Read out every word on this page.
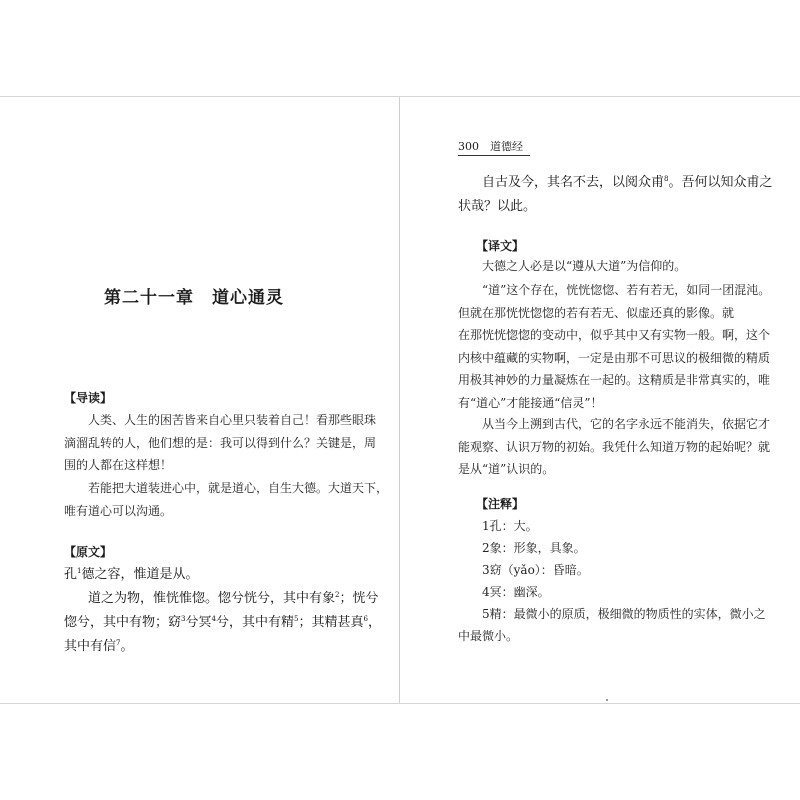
第二十一章　道心通灵
【导读】

人类、人生的困苦皆来自心里只装着自己！看那些眼珠
滴溜乱转的人，他们想的是：我可以得到什么？关键是，周
围的人都在这样想！

若能把大道装进心中，就是道心，自生大德。大道天下，
唯有道心可以沟通。

【原文】

孔$^1$德之容，惟道是从。
道之为物，惟恍惟惚。惚兮恍兮，其中有象$^2$；恍兮
惚兮，其中有物；窈$^3$兮冥$^4$兮，其中有精$^5$；其精甚真$^6$，
其中有信$^7$。

300　道德经

自古及今，其名不去，以阅众甫$^8$。吾何以知众甫之
状哉？以此。

【译文】

大德之人必是以“遵从大道”为信仰的。

“道”这个存在，恍恍惚惚、若有若无，如同一团混沌。
但就在那恍恍惚惚的若有若无、似虚还真的影像。就
在那恍恍惚惚的变动中，似乎其中又有实物一般。啊，这个
内核中蕴藏的实物啊，一定是由那不可思议的极细微的精质
用极其神妙的力量凝炼在一起的。这精质是非常真实的，唯
有“道心”才能接通“信灵”！

从当今上溯到古代，它的名字永远不能消失，依据它才
能观察、认识万物的初始。我凭什么知道万物的起始呢？就
是从“道”认识的。

【注释】

1孔：大。

2象：形象，具象。

3窈（yǎo）：昏暗。

4冥：幽深。

5精：最微小的原质，极细微的物质性的实体，微小之

中最微小。
